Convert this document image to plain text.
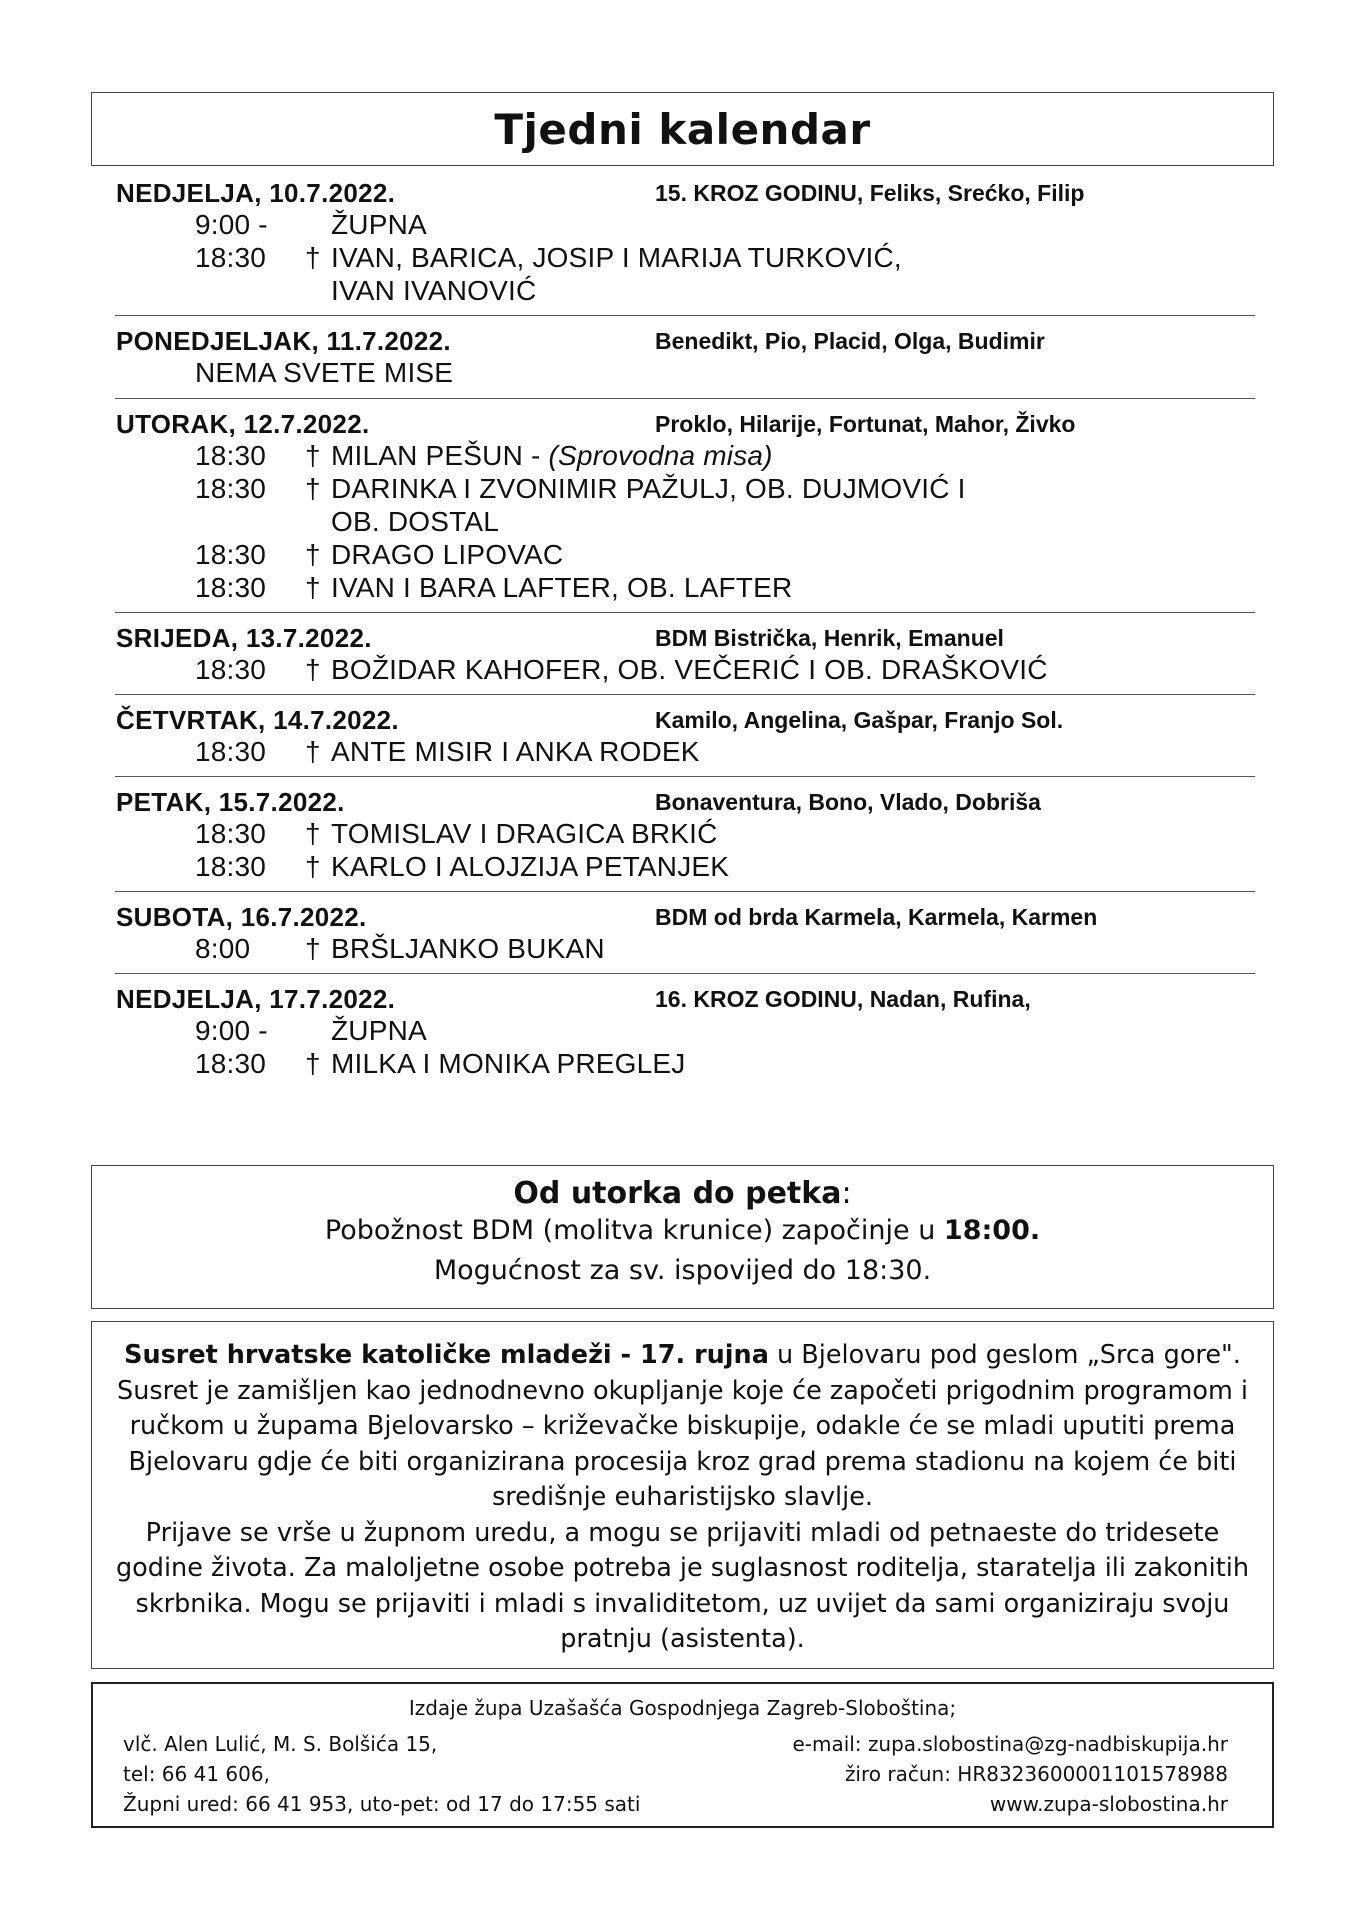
Tjedni kalendar
NEDJELJA, 10.7.2022.	15. KROZ GODINU, Feliks, Srećko, Filip
9:00 - ŽUPNA
18:30 † IVAN, BARICA, JOSIP I MARIJA TURKOVIĆ,
IVAN IVANOVIĆ
PONEDJELJAK, 11.7.2022.	Benedikt, Pio, Placid, Olga, Budimir
NEMA SVETE MISE
UTORAK, 12.7.2022.	Proklo, Hilarije, Fortunat, Mahor, Živko
18:30 † MILAN PEŠUN - (Sprovodna misa)
18:30 † DARINKA I ZVONIMIR PAŽULJ, OB. DUJMOVIĆ I
OB. DOSTAL
18:30 † DRAGO LIPOVAC
18:30 † IVAN I BARA LAFTER, OB. LAFTER
SRIJEDA, 13.7.2022.	BDM Bistrička, Henrik, Emanuel
18:30 † BOŽIDAR KAHOFER, OB. VEČERIĆ I OB. DRAŠKOVIĆ
ČETVRTAK, 14.7.2022.	Kamilo, Angelina, Gašpar, Franjo Sol.
18:30 † ANTE MISIR I ANKA RODEK
PETAK, 15.7.2022.	Bonaventura, Bono, Vlado, Dobriša
18:30 † TOMISLAV I DRAGICA BRKIĆ
18:30 † KARLO I ALOJZIJA PETANJEK
SUBOTA, 16.7.2022.	BDM od brda Karmela, Karmela, Karmen
8:00 † BRŠLJANKO BUKAN
NEDJELJA, 17.7.2022.	16. KROZ GODINU, Nadan, Rufina,
9:00 - ŽUPNA
18:30 † MILKA I MONIKA PREGLEJ
Od utorka do petka:
Pobožnost BDM (molitva krunice) započinje u 18:00.
Mogućnost za sv. ispovijed do 18:30.
Susret hrvatske katoličke mladeži - 17. rujna u Bjelovaru pod geslom „Srca gore". Susret je zamišljen kao jednodnevno okupljanje koje će započeti prigodnim programom i ručkom u župama Bjelovarsko – križevačke biskupije, odakle će se mladi uputiti prema Bjelovaru gdje će biti organizirana procesija kroz grad prema stadionu na kojem će biti središnje euharistijsko slavlje.
Prijave se vrše u župnom uredu, a mogu se prijaviti mladi od petnaeste do tridesete godine života. Za maloljetne osobe potreba je suglasnost roditelja, staratelja ili zakonitih skrbnika. Mogu se prijaviti i mladi s invaliditetom, uz uvijet da sami organiziraju svoju pratnju (asistenta).
Izdaje župa Uzašašća Gospodnjega Zagreb-Sloboština;
vlč. Alen Lulić, M. S. Bolšića 15,	e-mail: zupa.slobostina@zg-nadbiskupija.hr
tel: 66 41 606,	žiro račun: HR8323600001101578988
Župni ured: 66 41 953, uto-pet: od 17 do 17:55 sati	www.zupa-slobostina.hr
